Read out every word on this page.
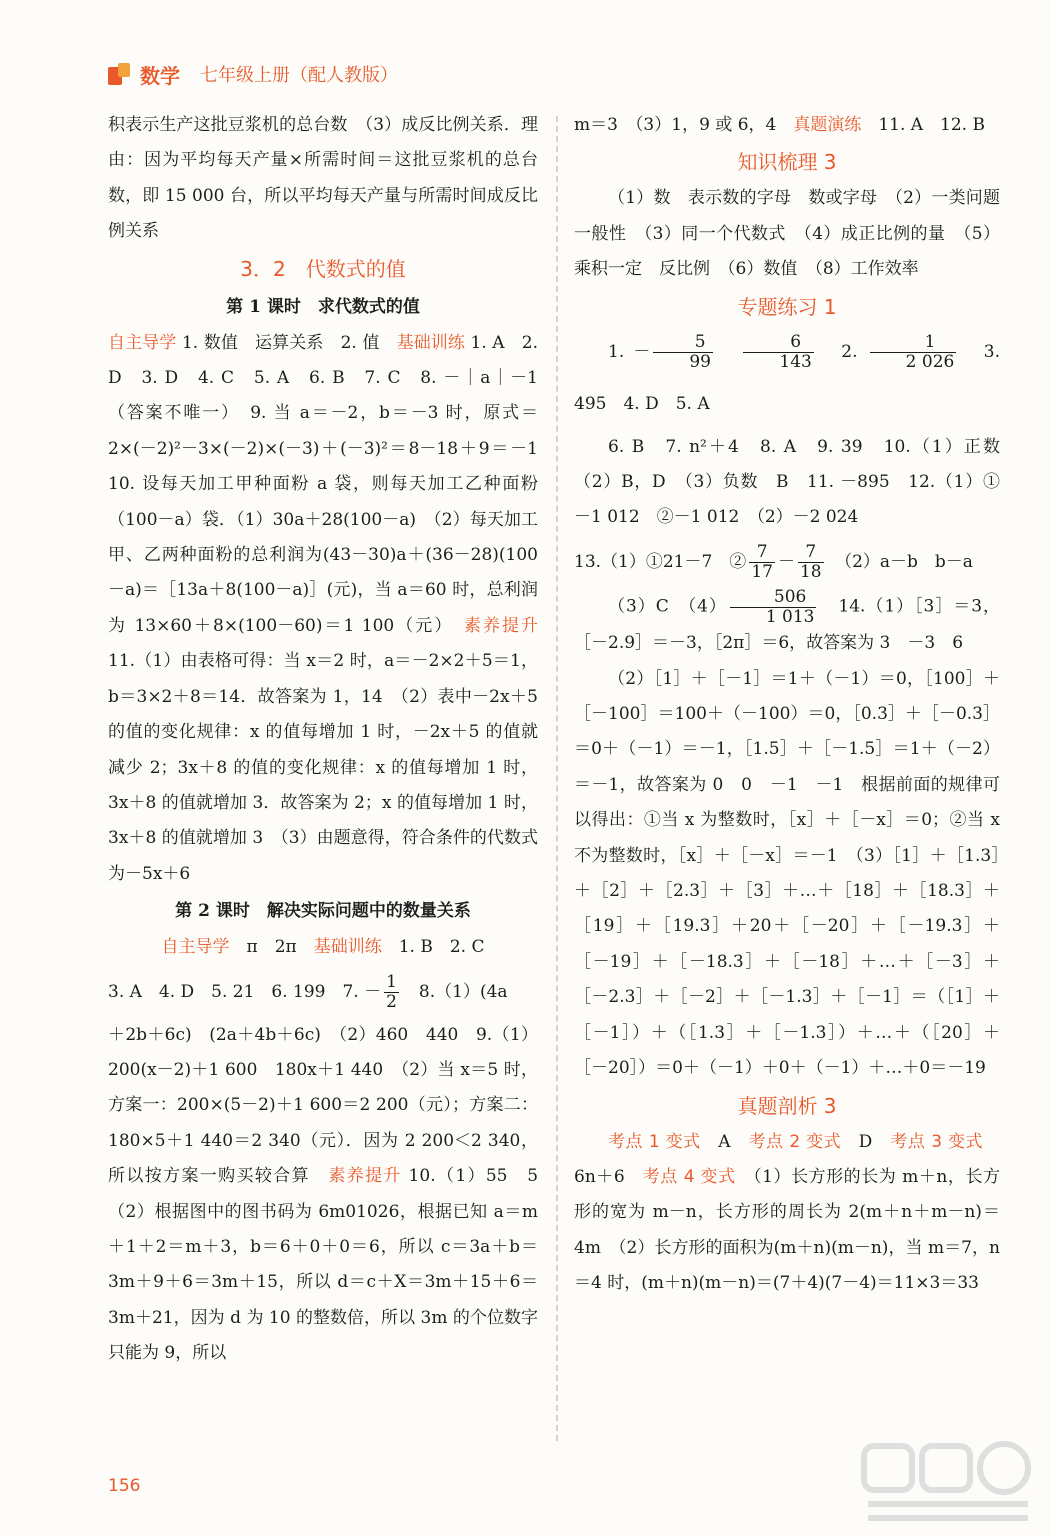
数学 七年级上册（配人教版）

积表示生产这批豆浆机的总台数　（3）成反比例关系．理由：因为平均每天产量×所需时间＝这批豆浆机的总台数，即 15 000 台，所以平均每天产量与所需时间成反比例关系

3．2　代数式的值
第 1 课时　求代数式的值

自主导学 1. 数值　运算关系　2. 值　基础训练 1. A　2. D　3. D　4. C　5. A　6. B　7. C　8. －｜a｜－1（答案不唯一）　9. 当 a＝－2，b＝－3 时，原式＝2×(－2)²－3×(－2)×(－3)＋(－3)²＝8－18＋9＝－1　10. 设每天加工甲种面粉 a 袋，则每天加工乙种面粉（100－a）袋．（1）30a＋28(100－a)　（2）每天加工甲、乙两种面粉的总利润为(43－30)a＋(36－28)(100－a)＝［13a＋8(100－a)］(元)，当 a＝60 时，总利润为 13×60＋8×(100－60)＝1 100（元）　素养提升 11.（1）由表格可得：当 x＝2 时，a＝－2×2＋5＝1，b＝3×2＋8＝14．故答案为 1，14　（2）表中－2x＋5 的值的变化规律：x 的值每增加 1 时，－2x＋5 的值就减少 2；3x＋8 的值的变化规律：x 的值每增加 1 时，3x＋8 的值就增加 3．故答案为 2；x 的值每增加 1 时，3x＋8 的值就增加 3　（3）由题意得，符合条件的代数式为－5x＋6

第 2 课时　解决实际问题中的数量关系

自主导学　π　2π　基础训练　1. B　2. C

3. A　4. D　5. 21　6. 199　7. － $\frac{1}{2}$ 　8.（1）(4a

＋2b＋6c)　(2a＋4b＋6c)　（2）460　440　9.（1）200(x－2)＋1 600　180x＋1 440　（2）当 x＝5 时，方案一：200×(5－2)＋1 600＝2 200（元）；方案二：180×5＋1 440＝2 340（元）．因为 2 200＜2 340，所以按方案一购买较合算　素养提升 10.（1）55　5　（2）根据图中的图书码为 6m01026，根据已知 a＝m＋1＋2＝m＋3，b＝6＋0＋0＝6，所以 c＝3a＋b＝3m＋9＋6＝3m＋15，所以 d＝c＋X＝3m＋15＋6＝3m＋21，因为 d 为 10 的整数倍，所以 3m 的个位数字只能为 9，所以

m＝3　（3）1，9 或 6，4　真题演练　11. A　12. B

知识梳理 3

（1）数　表示数的字母　数或字母　（2）一类问题　一般性　（3）同一个代数式　（4）成正比例的量　（5）乘积一定　反比例　（6）数值　（8）工作效率

专题练习 1

1. － $\frac{5}{99}$
　 $\frac{6}{143}$ 　2. $\frac{1}{2 026}$ 　3. 495　4. D　5. A

6. B　7. n²＋4　8. A　9. 39　10.（1）正数　（2）B，D　（3）负数　B　11. －895　12.（1）①－1 012　②－1 012　（2）－2 024

13.（1）①21－7　② $\frac{7}{17} - \frac{7}{18}$ 　（2）a－b　b－a

（3）C　$(4) \frac{506}{1 013}$ 　14.（1）［3］＝3，［－2.9］＝－3，［2π］＝6，故答案为 3　－3　6

（2）［1］＋［－1］＝1＋（－1）＝0，［100］＋［－100］＝100＋（－100）＝0，［0.3］＋［－0.3］＝0＋（－1）＝－1，［1.5］＋［－1.5］＝1＋（－2）＝－1，故答案为 0　0　－1　－1　根据前面的规律可以得出：①当 x 为整数时，［x］＋［－x］＝0；②当 x 不为整数时，［x］＋［－x］＝－1　（3）［1］＋［1.3］＋［2］＋［2.3］＋［3］＋…＋［18］＋［18.3］＋［19］＋［19.3］＋20＋［－20］＋［－19.3］＋［－19］＋［－18.3］＋［－18］＋…＋［－3］＋［－2.3］＋［－2］＋［－1.3］＋［－1］＝（［1］＋［－1］）＋（［1.3］＋［－1.3］）＋…＋（［20］＋［－20］）＝0＋（－1）＋0＋（－1）＋…＋0＝－19

真题剖析 3

考点 1 变式　A　考点 2 变式　D　考点 3 变式　6n＋6　考点 4 变式　（1）长方形的长为 m＋n，长方形的宽为 m－n，长方形的周长为 2(m＋n＋m－n)＝4m　（2）长方形的面积为(m＋n)(m－n)，当 m＝7，n＝4 时，(m＋n)(m－n)＝(7＋4)(7－4)＝11×3＝33

156
